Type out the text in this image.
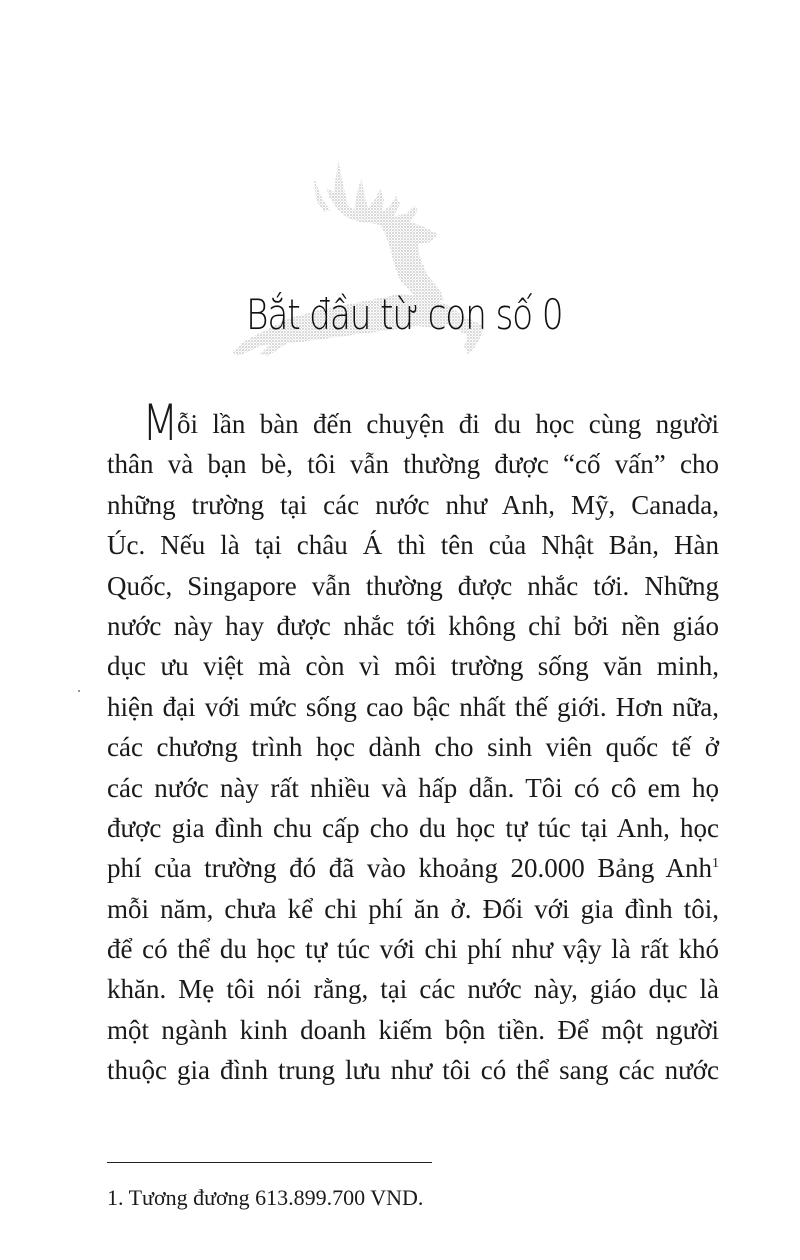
Bắt đầu từ con số 0
M
ỗi lần bàn đến chuyện đi du học cùng người
thân và bạn bè, tôi vẫn thường được “cố vấn” cho
những trường tại các nước như Anh, Mỹ, Canada,
Úc. Nếu là tại châu Á thì tên của Nhật Bản, Hàn
Quốc, Singapore vẫn thường được nhắc tới. Những
nước này hay được nhắc tới không chỉ bởi nền giáo
dục ưu việt mà còn vì môi trường sống văn minh,
hiện đại với mức sống cao bậc nhất thế giới. Hơn nữa,
các chương trình học dành cho sinh viên quốc tế ở
các nước này rất nhiều và hấp dẫn. Tôi có cô em họ
được gia đình chu cấp cho du học tự túc tại Anh, học
phí của trường đó đã vào khoảng 20.000 Bảng Anh$^1$
mỗi năm, chưa kể chi phí ăn ở. Đối với gia đình tôi,
để có thể du học tự túc với chi phí như vậy là rất khó
khăn. Mẹ tôi nói rằng, tại các nước này, giáo dục là
một ngành kinh doanh kiếm bộn tiền. Để một người
thuộc gia đình trung lưu như tôi có thể sang các nước
1. Tương đương 613.899.700 VND.
